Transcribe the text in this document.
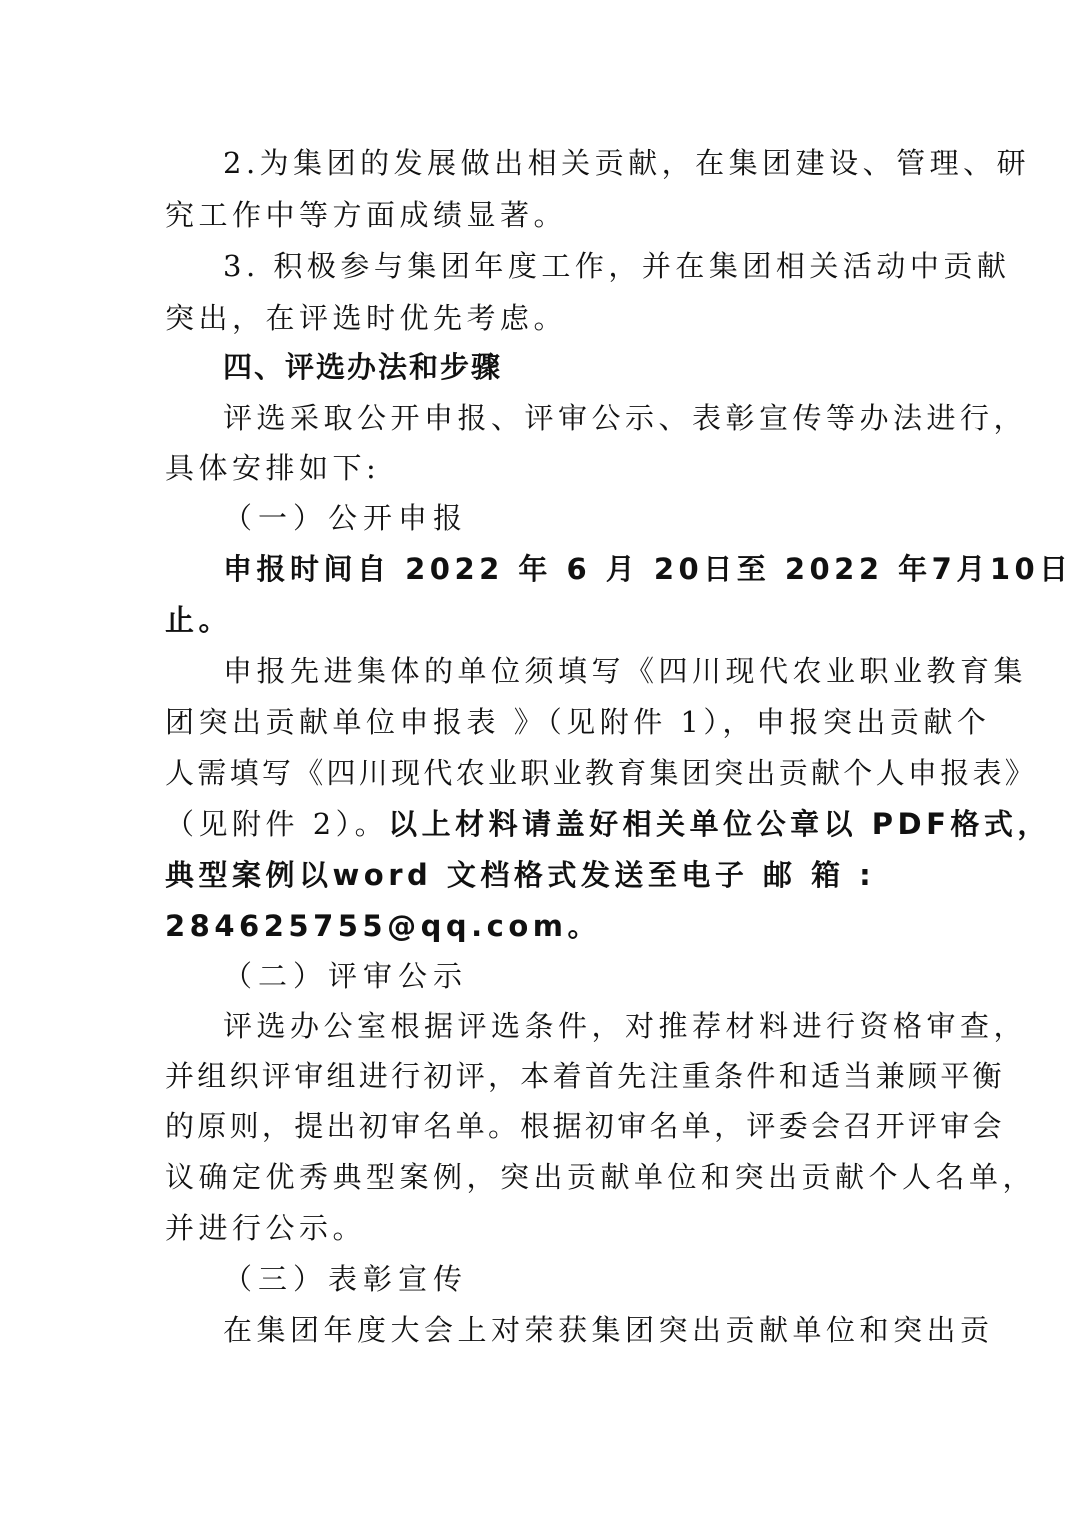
2.为集团的发展做出相关贡献，在集团建设、管理、研
究工作中等方面成绩显著。
3. 积极参与集团年度工作，并在集团相关活动中贡献
突出，在评选时优先考虑。
四、评选办法和步骤
评选采取公开申报、评审公示、表彰宣传等办法进行，
具体安排如下:
（一）公开申报
申报时间自 2022 年 6 月 20日至 2022 年7月10日
止。
申报先进集体的单位须填写《四川现代农业职业教育集
团突出贡献单位申报表 》（见附件 1），申报突出贡献个
人需填写《四川现代农业职业教育集团突出贡献个人申报表》
（见附件 2）。以上材料请盖好相关单位公章以 PDF格式，
典型案例以word 文档格式发送至电子 邮 箱 :
284625755@qq.com。
（二）评审公示
评选办公室根据评选条件，对推荐材料进行资格审查，
并组织评审组进行初评，本着首先注重条件和适当兼顾平衡
的原则，提出初审名单。根据初审名单，评委会召开评审会
议确定优秀典型案例，突出贡献单位和突出贡献个人名单，
并进行公示。
（三）表彰宣传
在集团年度大会上对荣获集团突出贡献单位和突出贡
